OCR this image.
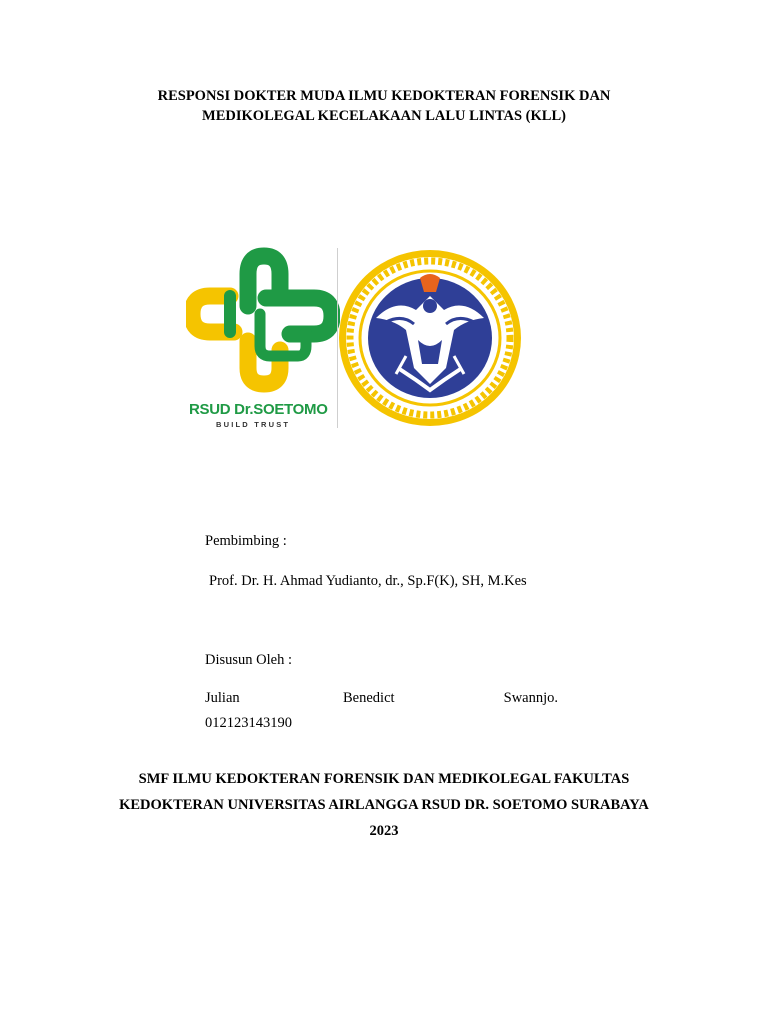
RESPONSI DOKTER MUDA ILMU KEDOKTERAN FORENSIK DAN
MEDIKOLEGAL KECELAKAAN LALU LINTAS (KLL)
RSUD Dr.SOETOMO
BUILD TRUST
Pembimbing :
Prof. Dr. H. Ahmad Yudianto, dr., Sp.F(K), SH, M.Kes
Disusun Oleh :
Julian	Benedict	Swannjo.
012123143190
SMF ILMU KEDOKTERAN FORENSIK DAN MEDIKOLEGAL FAKULTAS
KEDOKTERAN UNIVERSITAS AIRLANGGA RSUD DR. SOETOMO SURABAYA
2023
